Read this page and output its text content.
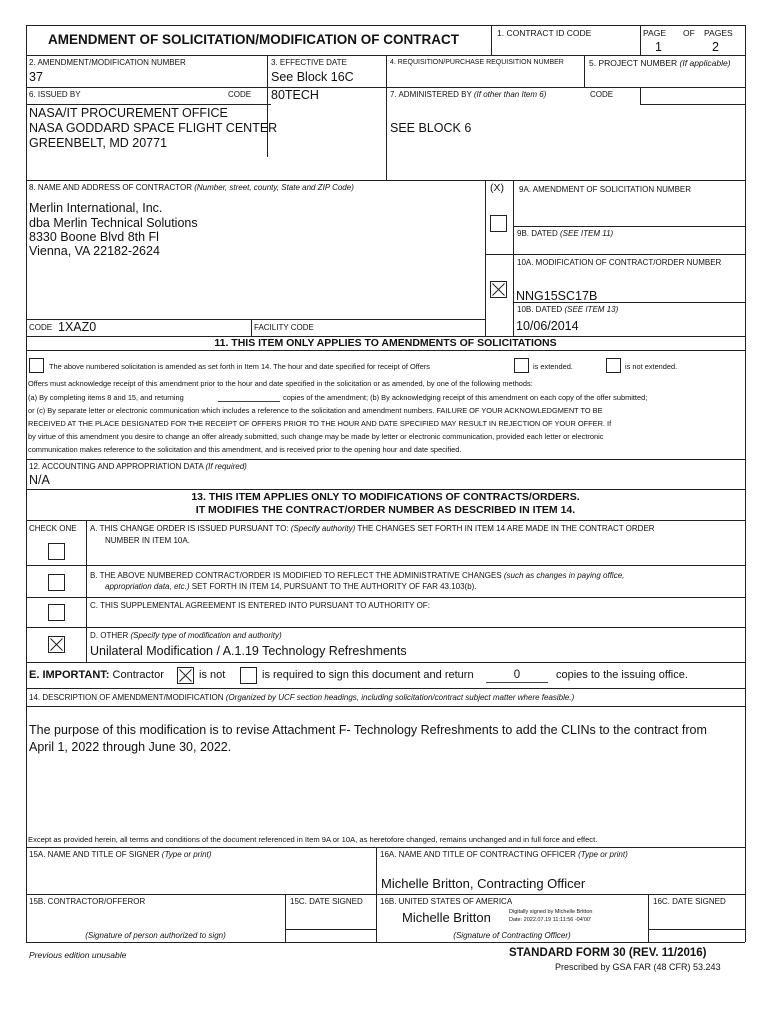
AMENDMENT OF SOLICITATION/MODIFICATION OF CONTRACT	1. CONTRACT ID CODE	PAGE OF PAGES
1	2
2. AMENDMENT/MODIFICATION NUMBER
37
3. EFFECTIVE DATE
See Block 16C
4. REQUISITION/PURCHASE REQUISITION NUMBER	5. PROJECT NUMBER (If applicable)
6. ISSUED BY	CODE 80TECH	7. ADMINISTERED BY (If other than Item 6)	CODE
NASA/IT PROCUREMENT OFFICE
NASA GODDARD SPACE FLIGHT CENTER
GREENBELT, MD 20771
SEE BLOCK 6
8. NAME AND ADDRESS OF CONTRACTOR (Number, street, county, State and ZIP Code)	(X)
Merlin International, Inc.
dba Merlin Technical Solutions
8330 Boone Blvd 8th Fl
Vienna, VA 22182-2624
CODE 1XAZ0	FACILITY CODE
9A. AMENDMENT OF SOLICITATION NUMBER
9B. DATED (SEE ITEM 11)
10A. MODIFICATION OF CONTRACT/ORDER NUMBER
NNG15SC17B
10B. DATED (SEE ITEM 13)
10/06/2014
11. THIS ITEM ONLY APPLIES TO AMENDMENTS OF SOLICITATIONS
The above numbered solicitation is amended as set forth in Item 14. The hour and date specified for receipt of Offers	is extended.	is not extended.
Offers must acknowledge receipt of this amendment prior to the hour and date specified in the solicitation or as amended, by one of the following methods:
(a) By completing items 8 and 15, and returning	copies of the amendment; (b) By acknowledging receipt of this amendment on each copy of the offer submitted;
or (c) By separate letter or electronic communication which includes a reference to the solicitation and amendment numbers. FAILURE OF YOUR ACKNOWLEDGMENT TO BE
RECEIVED AT THE PLACE DESIGNATED FOR THE RECEIPT OF OFFERS PRIOR TO THE HOUR AND DATE SPECIFIED MAY RESULT IN REJECTION OF YOUR OFFER. If
by virtue of this amendment you desire to change an offer already submitted, such change may be made by letter or electronic communication, provided each letter or electronic
communication makes reference to the solicitation and this amendment, and is received prior to the opening hour and date specified.
12. ACCOUNTING AND APPROPRIATION DATA (If required)
N/A
13. THIS ITEM APPLIES ONLY TO MODIFICATIONS OF CONTRACTS/ORDERS.
IT MODIFIES THE CONTRACT/ORDER NUMBER AS DESCRIBED IN ITEM 14.
CHECK ONE A. THIS CHANGE ORDER IS ISSUED PURSUANT TO: (Specify authority) THE CHANGES SET FORTH IN ITEM 14 ARE MADE IN THE CONTRACT ORDER
NUMBER IN ITEM 10A.
B. THE ABOVE NUMBERED CONTRACT/ORDER IS MODIFIED TO REFLECT THE ADMINISTRATIVE CHANGES (such as changes in paying office,
appropriation data, etc.) SET FORTH IN ITEM 14, PURSUANT TO THE AUTHORITY OF FAR 43.103(b).
C. THIS SUPPLEMENTAL AGREEMENT IS ENTERED INTO PURSUANT TO AUTHORITY OF:
D. OTHER (Specify type of modification and authority)
Unilateral Modification / A.1.19 Technology Refreshments
E. IMPORTANT: Contractor	is not	is required to sign this document and return	0	copies to the issuing office.
14. DESCRIPTION OF AMENDMENT/MODIFICATION (Organized by UCF section headings, including solicitation/contract subject matter where feasible.)
The purpose of this modification is to revise Attachment F- Technology Refreshments to add the CLINs to the contract from
April 1, 2022 through June 30, 2022.
Except as provided herein, all terms and conditions of the document referenced in Item 9A or 10A, as heretofore changed, remains unchanged and in full force and effect.
15A. NAME AND TITLE OF SIGNER (Type or print)	16A. NAME AND TITLE OF CONTRACTING OFFICER (Type or print)
Michelle Britton, Contracting Officer
15B. CONTRACTOR/OFFEROR	15C. DATE SIGNED 16B. UNITED STATES OF AMERICA	16C. DATE SIGNED
Michelle Britton	Digitally signed by Michelle Britton
Date: 2022.07.19 11:11:56 -04'00'
(Signature of person authorized to sign)	(Signature of Contracting Officer)
Previous edition unusable	STANDARD FORM 30 (REV. 11/2016)
Prescribed by GSA FAR (48 CFR) 53.243
